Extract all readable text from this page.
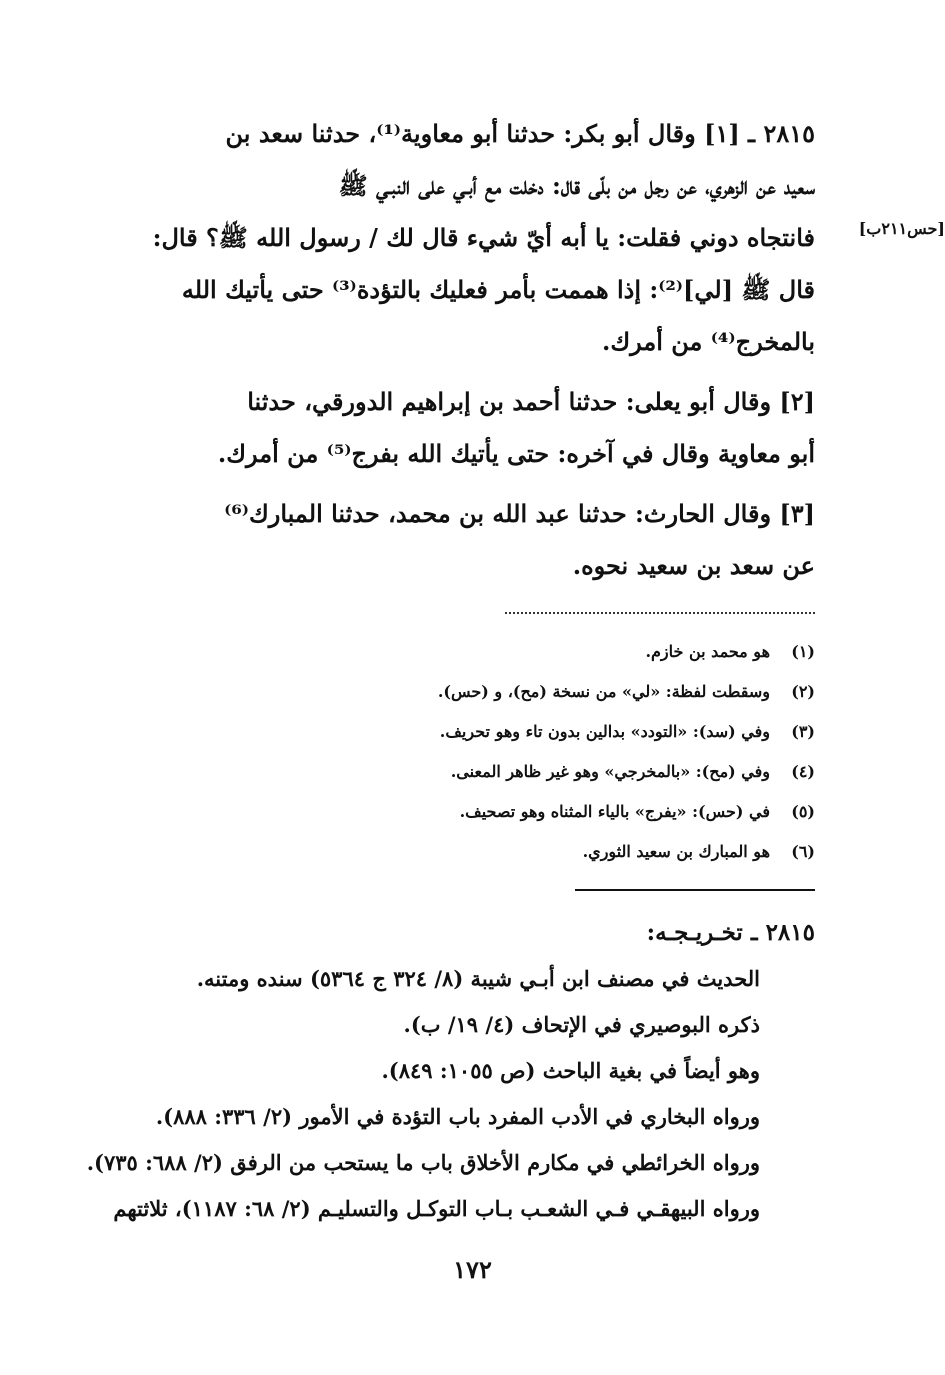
[حس٢١١ب]

٢٨١٥ ـ [١] وقال أبو بكر: حدثنا أبو معاوية⁽¹⁾، حدثنا سعد بن
سعيد عن الزهري، عن رجل من بلّى قال: دخلت مع أبـي على النبـي ﷺ
فانتجاه دوني فقلت: يا أبه أيّ شيء قال لك / رسول الله ﷺ؟ قال:
قال ﷺ [لي]⁽²⁾: إذا هممت بأمر فعليك بالتؤدة⁽³⁾ حتى يأتيك الله
بالمخرج⁽⁴⁾ من أمرك.

[٢] وقال أبو يعلى: حدثنا أحمد بن إبراهيم الدورقي، حدثنا
أبو معاوية وقال في آخره: حتى يأتيك الله بفرج⁽⁵⁾ من أمرك.

[٣] وقال الحارث: حدثنا عبد الله بن محمد، حدثنا المبارك⁽⁶⁾
عن سعد بن سعيد نحوه.

(١)هو محمد بن خازم.
(٢)وسقطت لفظة: «لي» من نسخة (مح)، و (حس).
(٣)وفي (سد): «التودد» بدالين بدون تاء وهو تحريف.
(٤)وفي (مح): «بالمخرجي» وهو غير ظاهر المعنى.
(٥)في (حس): «يفرج» بالياء المثناه وهو تصحيف.
(٦)هو المبارك بن سعيد الثوري.
٢٨١٥ ـ تخـريـجـه:
الحديث في مصنف ابن أبـي شيبة (٨/ ٣٢٤ ج ٥٣٦٤) سنده ومتنه.
ذكره البوصيري في الإتحاف (٤/ ١٩/ ب).
وهو أيضاً في بغية الباحث (ص ١٠٥٥: ٨٤٩).
ورواه البخاري في الأدب المفرد باب التؤدة في الأمور (٢/ ٣٣٦: ٨٨٨).
ورواه الخرائطي في مكارم الأخلاق باب ما يستحب من الرفق (٢/ ٦٨٨: ٧٣٥).
ورواه البيهقـي فـي الشعـب بـاب التوكـل والتسليـم (٢/ ٦٨: ١١٨٧)، ثلاثتهم
١٧٢
